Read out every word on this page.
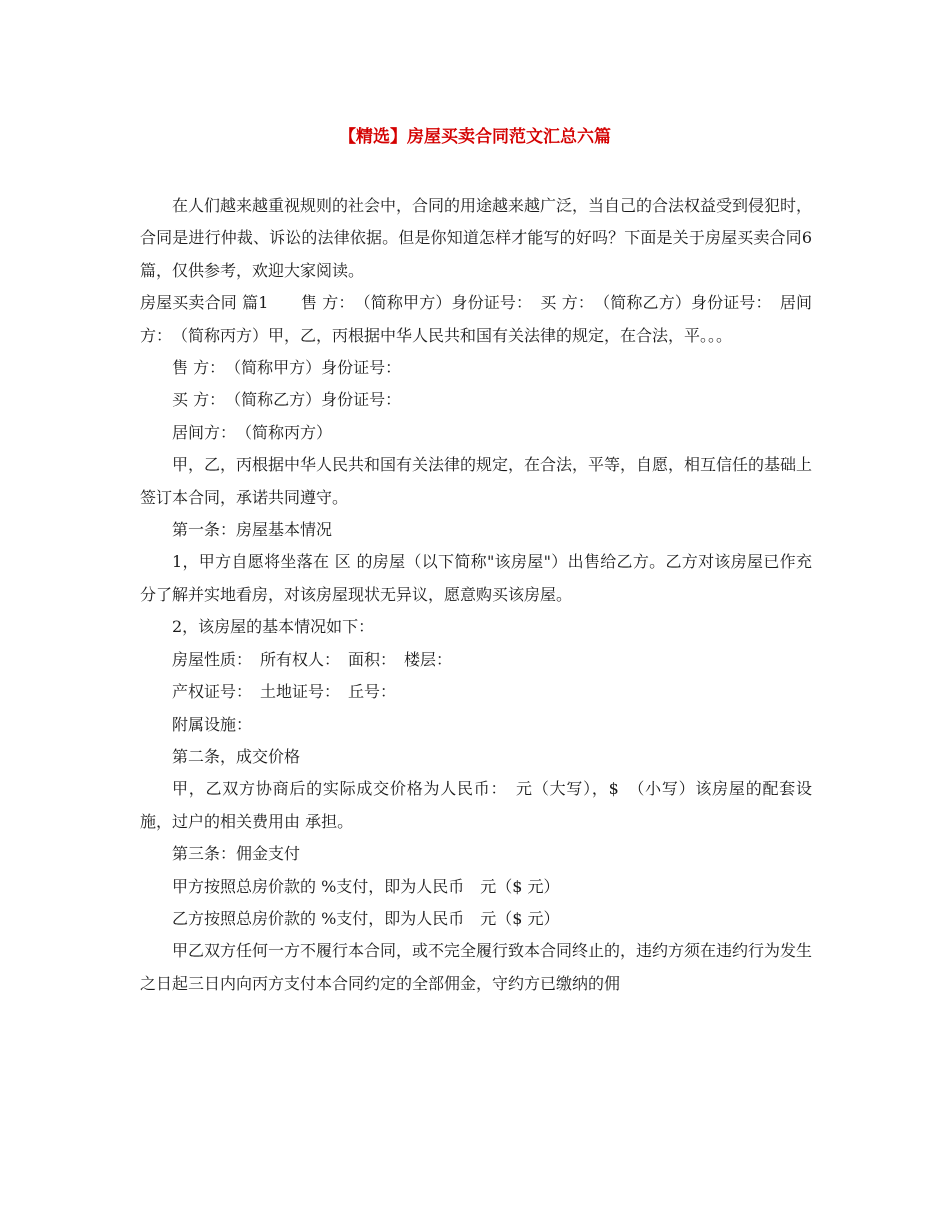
【精选】房屋买卖合同范文汇总六篇

在人们越来越重视规则的社会中，合同的用途越来越广泛，当自己的合法权益受到侵犯时，合同是进行仲裁、诉讼的法律依据。但是你知道怎样才能写的好吗？下面是关于房屋买卖合同6篇，仅供参考，欢迎大家阅读。

房屋买卖合同 篇1　　售 方：　（简称甲方）身份证号：　买 方：　（简称乙方）身份证号：　居间方：　（简称丙方）甲，乙，丙根据中华人民共和国有关法律的规定，在合法，平。。。

售 方：　（简称甲方）身份证号：

买 方：　（简称乙方）身份证号：

居间方：　（简称丙方）

甲，乙，丙根据中华人民共和国有关法律的规定，在合法，平等，自愿，相互信任的基础上签订本合同，承诺共同遵守。

第一条：房屋基本情况

1，甲方自愿将坐落在 区 的房屋（以下简称"该房屋"）出售给乙方。乙方对该房屋已作充分了解并实地看房，对该房屋现状无异议，愿意购买该房屋。

2，该房屋的基本情况如下：

房屋性质：　所有权人：　面积：　楼层：

产权证号：　土地证号：　丘号：

附属设施：

第二条，成交价格

甲，乙双方协商后的实际成交价格为人民币：　元（大写），$　（小写）该房屋的配套设施，过户的相关费用由 承担。

第三条：佣金支付

甲方按照总房价款的 %支付，即为人民币　元（$ 元）

乙方按照总房价款的 %支付，即为人民币　元（$ 元）

甲乙双方任何一方不履行本合同，或不完全履行致本合同终止的，违约方须在违约行为发生之日起三日内向丙方支付本合同约定的全部佣金，守约方已缴纳的佣
